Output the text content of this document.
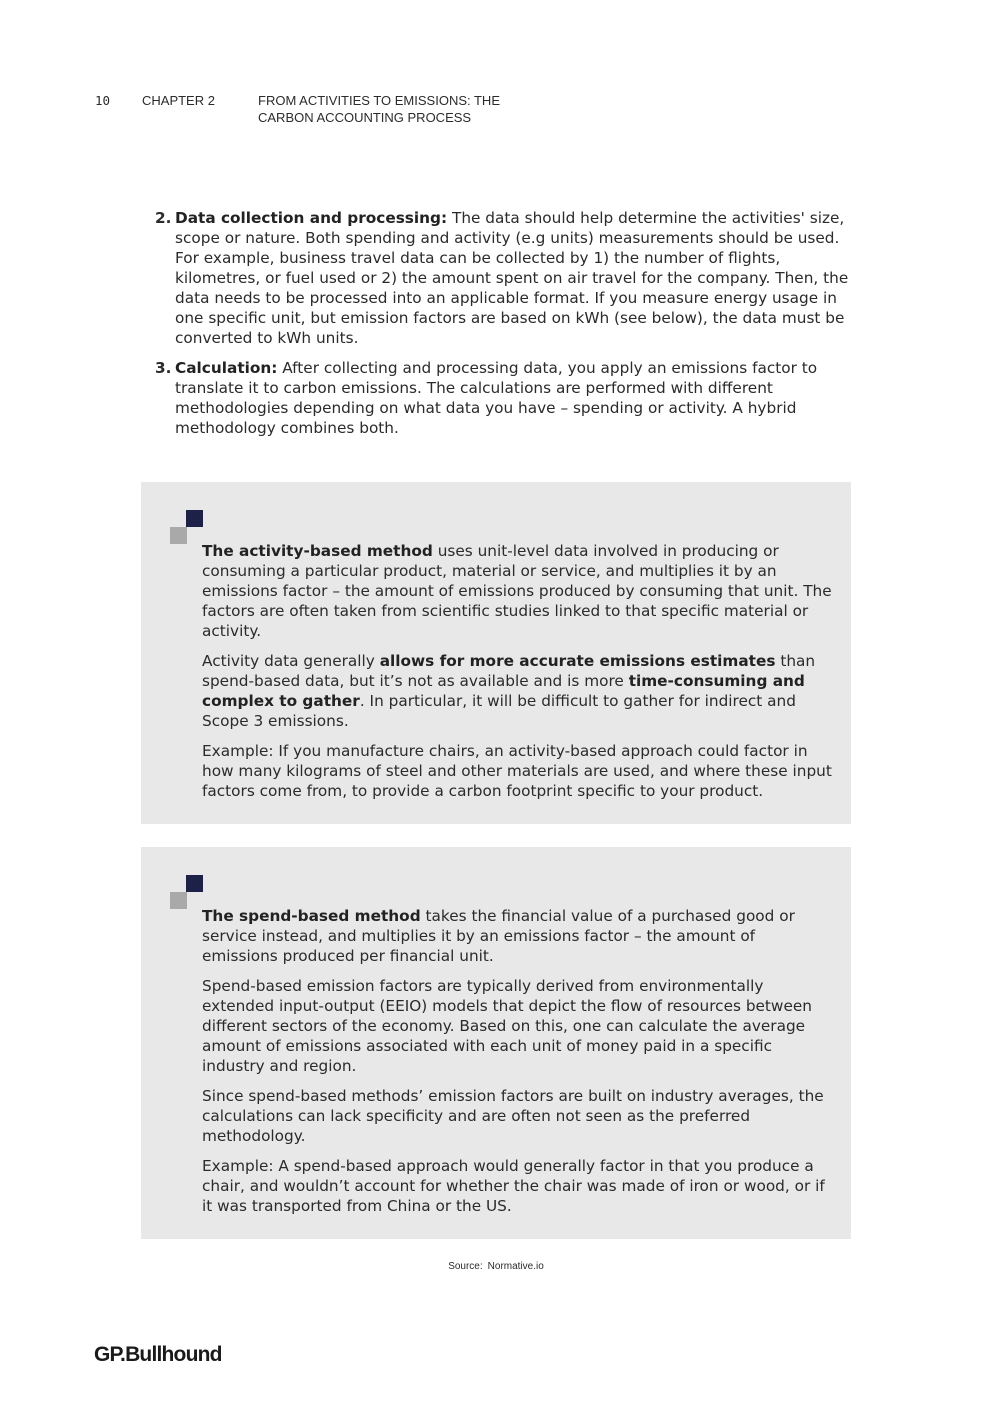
10 CHAPTER 2	FROM ACTIVITIES TO EMISSIONS: THE
CARBON ACCOUNTING PROCESS
2. Data collection and processing: The data should help determine the activities' size, scope or nature. Both spending and activity (e.g units) measurements should be used. For example, business travel data can be collected by 1) the number of flights, kilometres, or fuel used or 2) the amount spent on air travel for the company. Then, the data needs to be processed into an applicable format. If you measure energy usage in one specific unit, but emission factors are based on kWh (see below), the data must be converted to kWh units.

3. Calculation: After collecting and processing data, you apply an emissions factor to translate it to carbon emissions. The calculations are performed with different methodologies depending on what data you have – spending or activity. A hybrid methodology combines both.

The activity-based method uses unit-level data involved in producing or consuming a particular product, material or service, and multiplies it by an emissions factor – the amount of emissions produced by consuming that unit. The factors are often taken from scientific studies linked to that specific material or activity.

Activity data generally allows for more accurate emissions estimates than spend-based data, but it’s not as available and is more time-consuming and complex to gather. In particular, it will be difficult to gather for indirect and Scope 3 emissions.

Example: If you manufacture chairs, an activity-based approach could factor in how many kilograms of steel and other materials are used, and where these input factors come from, to provide a carbon footprint specific to your product.

The spend-based method takes the financial value of a purchased good or service instead, and multiplies it by an emissions factor – the amount of emissions produced per financial unit.

Spend-based emission factors are typically derived from environmentally extended input-output (EEIO) models that depict the flow of resources between different sectors of the economy. Based on this, one can calculate the average amount of emissions associated with each unit of money paid in a specific industry and region.

Since spend-based methods’ emission factors are built on industry averages, the calculations can lack specificity and are often not seen as the preferred methodology.

Example: A spend-based approach would generally factor in that you produce a chair, and wouldn’t account for whether the chair was made of iron or wood, or if it was transported from China or the US.

Source: Normative.io
GP.Bullhound
